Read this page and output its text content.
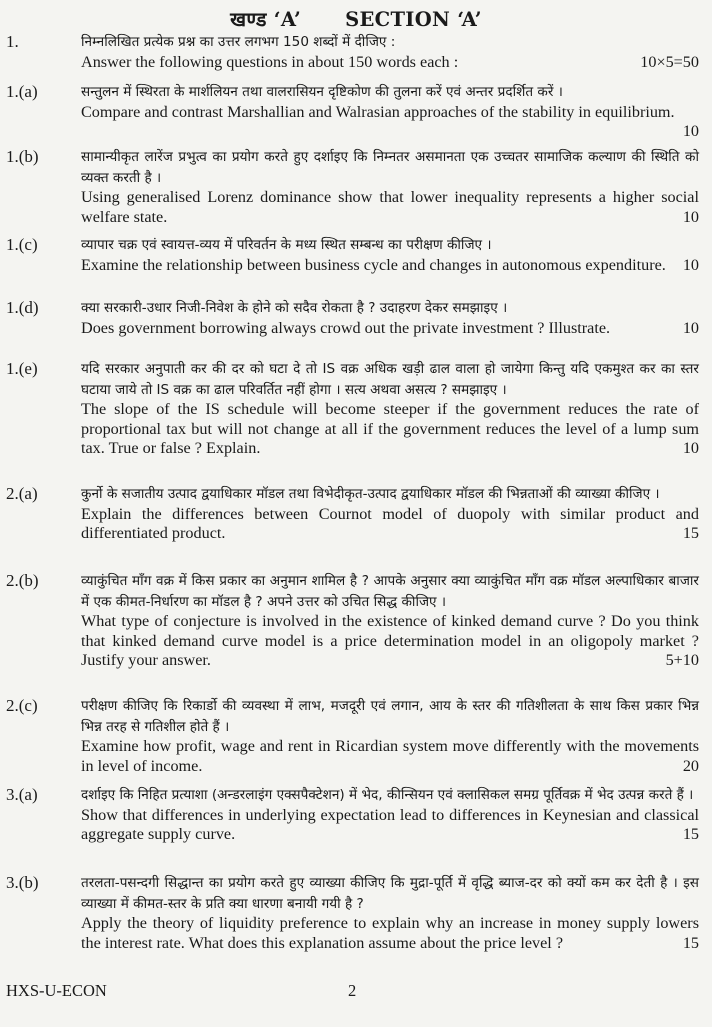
खण्ड ‘A’ SECTION ‘A’
1.	निम्नलिखित प्रत्येक प्रश्न का उत्तर लगभग 150 शब्दों में दीजिए :

10×5=50
Answer the following questions in about 150 words each :

1.(a)	सन्तुलन में स्थिरता के मार्शलियन तथा वालरासियन दृष्टिकोण की तुलना करें एवं अन्तर प्रदर्शित करें ।

Compare and contrast Marshallian and Walrasian approaches of the stability in equilibrium.
10

1.(b)	सामान्यीकृत लारेंज प्रभुत्व का प्रयोग करते हुए दर्शाइए कि निम्नतर असमानता एक उच्चतर सामाजिक कल्याण की स्थिति को व्यक्त करती है ।

Using generalised Lorenz dominance show that lower inequality represents a higher social welfare state.	10

1.(c)	व्यापार चक्र एवं स्वायत्त-व्यय में परिवर्तन के मध्य स्थित सम्बन्ध का परीक्षण कीजिए ।

Examine the relationship between business cycle and changes in autonomous expenditure. 10

1.(d)	क्या सरकारी-उधार निजी-निवेश के होने को सदैव रोकता है ? उदाहरण देकर समझाइए ।

Does government borrowing always crowd out the private investment ? Illustrate.	10

1.(e)	यदि सरकार अनुपाती कर की दर को घटा दे तो IS वक्र अधिक खड़ी ढाल वाला हो जायेगा किन्तु यदि एकमुश्त कर का स्तर घटाया जाये तो IS वक्र का ढाल परिवर्तित नहीं होगा । सत्य अथवा असत्य ? समझाइए ।

The slope of the IS schedule will become steeper if the government reduces the rate of proportional tax but will not change at all if the government reduces the level of a lump sum tax. True or false ? Explain.	10

2.(a)	कुर्नो के सजातीय उत्पाद द्वयाधिकार मॉडल तथा विभेदीकृत-उत्पाद द्वयाधिकार मॉडल की भिन्नताओं की व्याख्या कीजिए ।

Explain the differences between Cournot model of duopoly with similar product and differentiated product.	15

2.(b)	व्याकुंचित माँग वक्र में किस प्रकार का अनुमान शामिल है ? आपके अनुसार क्या व्याकुंचित माँग वक्र मॉडल अल्पाधिकार बाजार में एक कीमत-निर्धारण का मॉडल है ? अपने उत्तर को उचित सिद्ध कीजिए ।

What type of conjecture is involved in the existence of kinked demand curve ? Do you think that kinked demand curve model is a price determination model in an oligopoly market ? Justify your answer.	5+10

2.(c)	परीक्षण कीजिए कि रिकार्डो की व्यवस्था में लाभ, मजदूरी एवं लगान, आय के स्तर की गतिशीलता के साथ किस प्रकार भिन्न भिन्न तरह से गतिशील होते हैं ।

Examine how profit, wage and rent in Ricardian system move differently with the movements in level of income.	20

3.(a)	दर्शाइए कि निहित प्रत्याशा (अन्डरलाइंग एक्सपैक्टेशन) में भेद, कीन्सियन एवं क्लासिकल समग्र पूर्तिवक्र में भेद उत्पन्न करते हैं ।

Show that differences in underlying expectation lead to differences in Keynesian and classical aggregate supply curve.	15

3.(b)	तरलता-पसन्दगी सिद्धान्त का प्रयोग करते हुए व्याख्या कीजिए कि मुद्रा-पूर्ति में वृद्धि ब्याज-दर को क्यों कम कर देती है । इस व्याख्या में कीमत-स्तर के प्रति क्या धारणा बनायी गयी है ?

Apply the theory of liquidity preference to explain why an increase in money supply lowers the interest rate. What does this explanation assume about the price level ?	15

HXS-U-ECON	2
